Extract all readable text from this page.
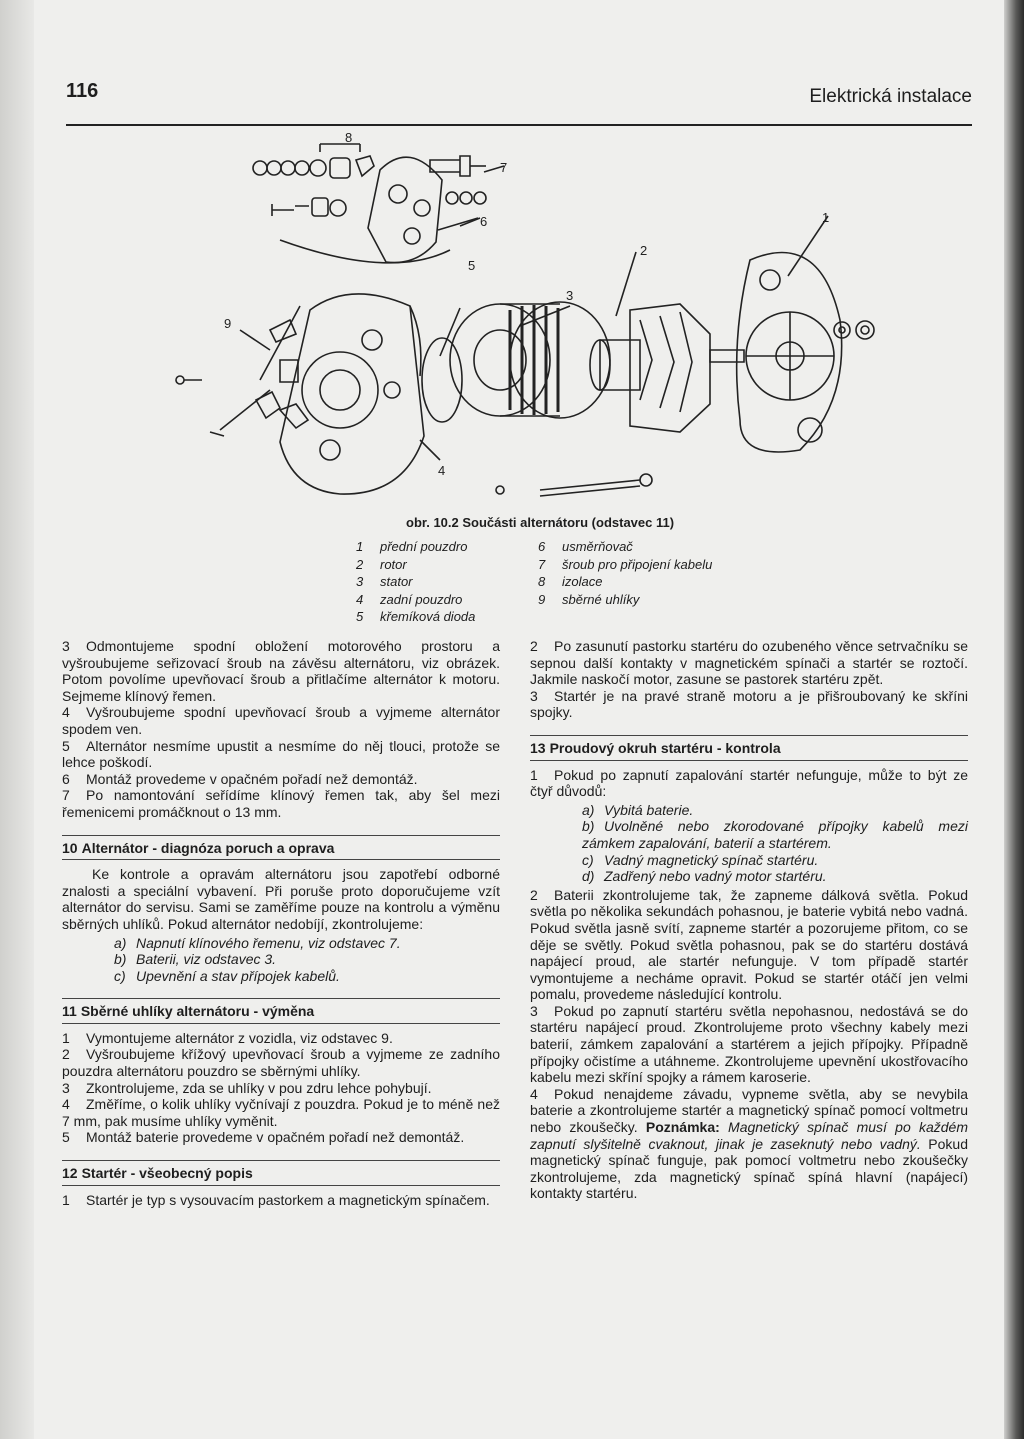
116	Elektrická instalace
1
2
3
4
5
6
7
8
9
obr. 10.2 Součásti alternátoru (odstavec 11)
1 přední pouzdro
2 rotor
3 stator
4 zadní pouzdro
5 křemíková dioda
6 usměrňovač
7 šroub pro připojení kabelu
8 izolace
9 sběrné uhlíky

3 Odmontujeme spodní obložení motorového prostoru a vyšroubujeme seřizovací šroub na závěsu alternátoru, viz obrázek. Potom povolíme upevňovací šroub a přitlačíme alternátor k motoru. Sejmeme klínový řemen.

4 Vyšroubujeme spodní upevňovací šroub a vyjmeme alternátor spodem ven.

5 Alternátor nesmíme upustit a nesmíme do něj tlouci, protože se lehce poškodí.

6 Montáž provedeme v opačném pořadí než demontáž.

7 Po namontování seřídíme klínový řemen tak, aby šel mezi řemenicemi promáčknout o 13 mm.

10 Alternátor - diagnóza poruch a oprava

Ke kontrole a opravám alternátoru jsou zapotřebí odborné znalosti a speciální vybavení. Při poruše proto doporučujeme vzít alternátor do servisu. Sami se zaměříme pouze na kontrolu a výměnu sběrných uhlíků. Pokud alternátor nedobíjí, zkontrolujeme:

a) Napnutí klínového řemenu, viz odstavec 7.
b) Baterii, viz odstavec 3.
c) Upevnění a stav přípojek kabelů.
11 Sběrné uhlíky alternátoru - výměna

1 Vymontujeme alternátor z vozidla, viz odstavec 9.

2 Vyšroubujeme křížový upevňovací šroub a vyjmeme ze zadního pouzdra alternátoru pouzdro se sběrnými uhlíky.

3 Zkontrolujeme, zda se uhlíky v pou zdru lehce pohybují.

4 Změříme, o kolik uhlíky vyčnívají z pouzdra. Pokud je to méně než 7 mm, pak musíme uhlíky vyměnit.

5 Montáž baterie provedeme v opačném pořadí než demontáž.

12 Startér - všeobecný popis

1 Startér je typ s vysouvacím pastorkem a magnetickým spínačem.

2 Po zasunutí pastorku startéru do ozubeného věnce setrvačníku se sepnou další kontakty v magnetickém spínači a startér se roztočí. Jakmile naskočí motor, zasune se pastorek startéru zpět.

3 Startér je na pravé straně motoru a je přišroubovaný ke skříni spojky.

13 Proudový okruh startéru - kontrola

1 Pokud po zapnutí zapalování startér nefunguje, může to být ze čtyř důvodů:

a) Vybitá baterie.
b) Uvolněné nebo zkorodované přípojky kabelů mezi zámkem zapalování, baterií a startérem.
c) Vadný magnetický spínač startéru.
d) Zadřený nebo vadný motor startéru.

2 Baterii zkontrolujeme tak, že zapneme dálková světla. Pokud světla po několika sekundách pohasnou, je baterie vybitá nebo vadná. Pokud světla jasně svítí, zapneme startér a pozorujeme přitom, co se děje se světly. Pokud světla pohasnou, pak se do startéru dostává napájecí proud, ale startér nefunguje. V tom případě startér vymontujeme a necháme opravit. Pokud se startér otáčí jen velmi pomalu, provedeme následující kontrolu.

3 Pokud po zapnutí startéru světla nepohasnou, nedostává se do startéru napájecí proud. Zkontrolujeme proto všechny kabely mezi baterií, zámkem zapalování a startérem a jejich přípojky. Případně přípojky očistíme a utáhneme. Zkontrolujeme upevnění ukostřovacího kabelu mezi skříní spojky a rámem karoserie.

4 Pokud nenajdeme závadu, vypneme světla, aby se nevybila baterie a zkontrolujeme startér a magnetický spínač pomocí voltmetru nebo zkoušečky. Poznámka: Magnetický spínač musí po každém zapnutí slyšitelně cvaknout, jinak je zaseknutý nebo vadný. Pokud magnetický spínač funguje, pak pomocí voltmetru nebo zkoušečky zkontrolujeme, zda magnetický spínač spíná hlavní (napájecí) kontakty startéru.
